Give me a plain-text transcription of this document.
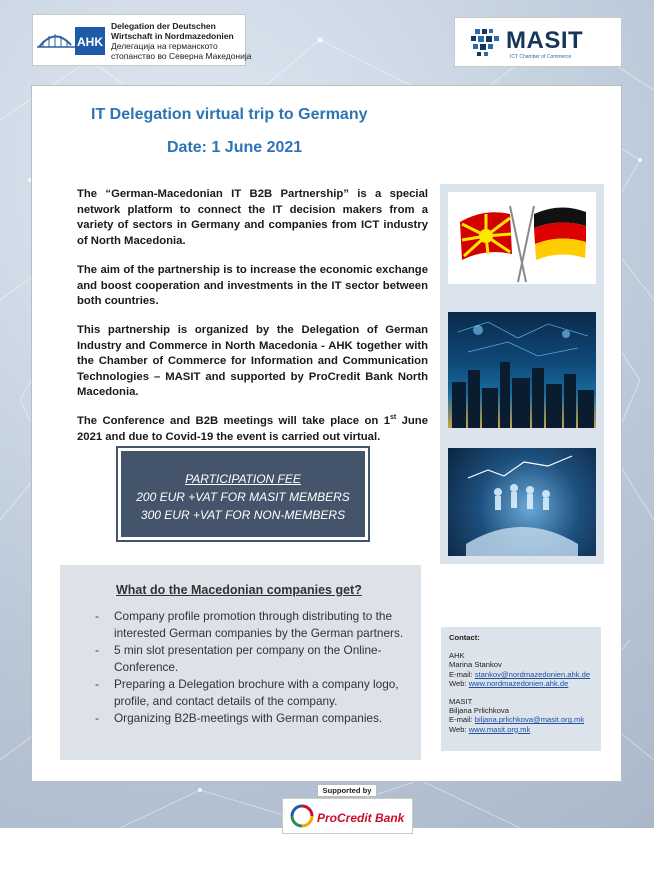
AHK
Delegation der Deutschen
Wirtschaft in Nordmazedonien
Делегација на германското
стопанство во Северна Македонија
MASIT
ICT Chamber of Commerce
IT Delegation virtual trip to Germany
Date: 1 June 2021
The “German-Macedonian IT B2B Partnership” is a special network platform to connect the IT decision makers from a variety of sectors in Germany and companies from ICT industry of North Macedonia.
The aim of the partnership is to increase the economic exchange and boost cooperation and investments in the IT sector between both countries.
This partnership is organized by the Delegation of German Industry and Commerce in North Macedonia - AHK together with the Chamber of Commerce for Information and Communication Technologies – MASIT and supported by ProCredit Bank North Macedonia.
The Conference and B2B meetings will take place on 1st June 2021 and due to Covid-19 the event is carried out virtual.
PARTICIPATION FEE
200 EUR +VAT FOR MASIT MEMBERS
300 EUR +VAT FOR NON-MEMBERS
What do the Macedonian companies get?
- Company profile promotion through distributing to the interested German companies by the German partners.
- 5 min slot presentation per company on the Online-Conference.
- Preparing a Delegation brochure with a company logo, profile, and contact details of the company.
- Organizing B2B-meetings with German companies.
Contact:
AHK
Marina Stankov
E-mail: stankov@nordmazedonien.ahk.de
Web: www.nordmazedonien.ahk.de
MASIT
Biljana Prlichkova
E-mail: biljana.prlichkova@masit.org.mk
Web: www.masit.org.mk
Supported by
ProCredit Bank
